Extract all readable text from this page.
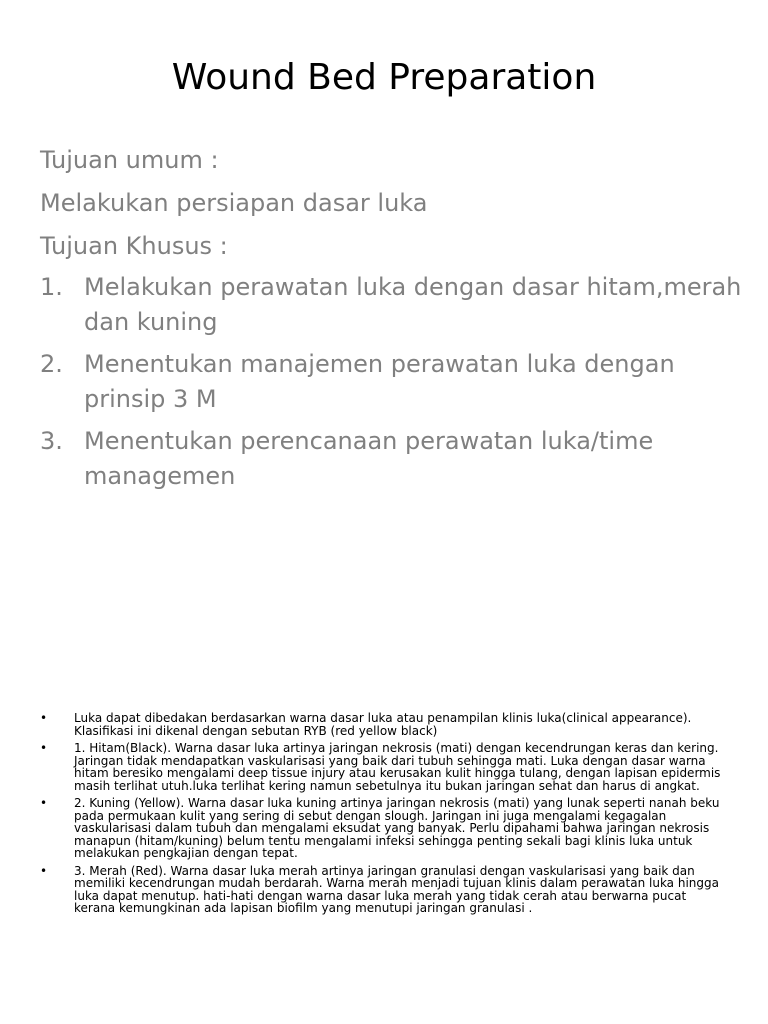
Wound Bed Preparation
Tujuan umum :
Melakukan persiapan dasar luka
Tujuan Khusus :
1. Melakukan perawatan luka dengan dasar hitam,merah dan kuning
2. Menentukan manajemen perawatan luka dengan prinsip 3 M
3. Menentukan perencanaan perawatan luka/time managemen
• Luka dapat dibedakan berdasarkan warna dasar luka atau penampilan klinis luka(clinical appearance). Klasifikasi ini dikenal dengan sebutan RYB (red yellow black)
• 1. Hitam(Black). Warna dasar luka artinya jaringan nekrosis (mati) dengan kecendrungan keras dan kering. Jaringan tidak mendapatkan vaskularisasi yang baik dari tubuh sehingga mati. Luka dengan dasar warna hitam beresiko mengalami deep tissue injury atau kerusakan kulit hingga tulang, dengan lapisan epidermis masih terlihat utuh.luka terlihat kering namun sebetulnya itu bukan jaringan sehat dan harus di angkat.
• 2. Kuning (Yellow). Warna dasar luka kuning artinya jaringan nekrosis (mati) yang lunak seperti nanah beku pada permukaan kulit yang sering di sebut dengan slough. Jaringan ini juga mengalami kegagalan vaskularisasi dalam tubuh dan mengalami eksudat yang banyak. Perlu dipahami bahwa jaringan nekrosis manapun (hitam/kuning) belum tentu mengalami infeksi sehingga penting sekali bagi klinis luka untuk melakukan pengkajian dengan tepat.
• 3. Merah (Red). Warna dasar luka merah artinya jaringan granulasi dengan vaskularisasi yang baik dan memiliki kecendrungan mudah berdarah. Warna merah menjadi tujuan klinis dalam perawatan luka hingga luka dapat menutup. hati-hati dengan warna dasar luka merah yang tidak cerah atau berwarna pucat kerana kemungkinan ada lapisan biofilm yang menutupi jaringan granulasi .
